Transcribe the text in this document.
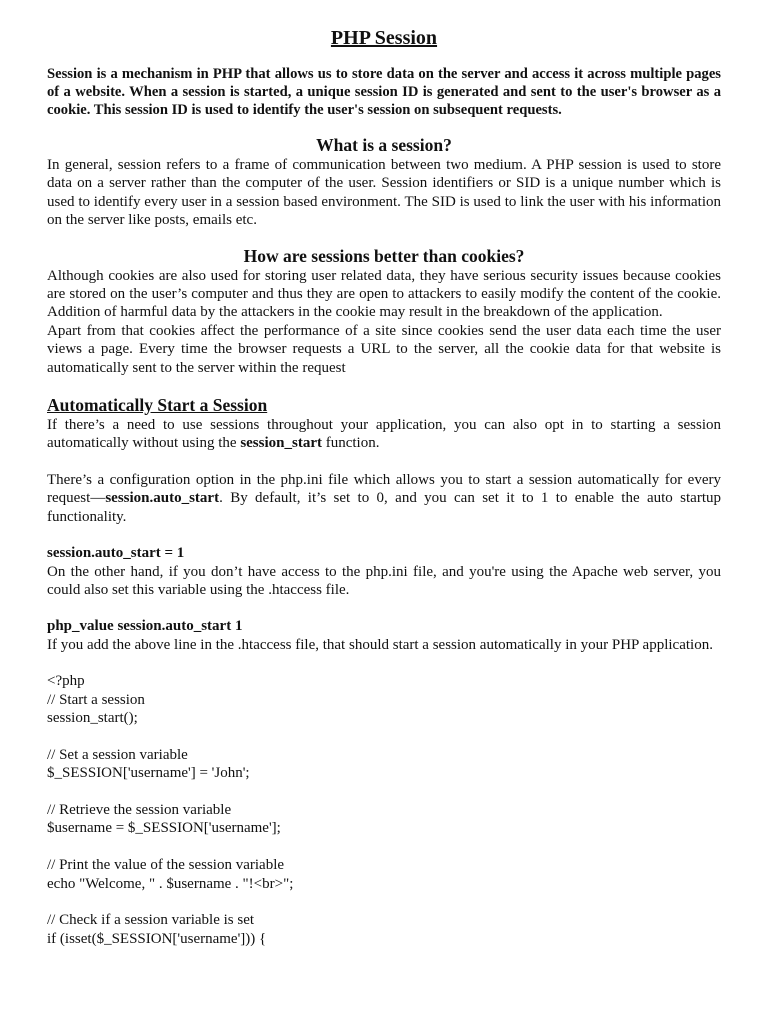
PHP Session

Session is a mechanism in PHP that allows us to store data on the server and access it across multiple pages of a website. When a session is started, a unique session ID is generated and sent to the user's browser as a cookie. This session ID is used to identify the user's session on subsequent requests.

What is a session?

In general, session refers to a frame of communication between two medium. A PHP session is used to store data on a server rather than the computer of the user. Session identifiers or SID is a unique number which is used to identify every user in a session based environment. The SID is used to link the user with his information on the server like posts, emails etc.

How are sessions better than cookies?

Although cookies are also used for storing user related data, they have serious security issues because cookies are stored on the user’s computer and thus they are open to attackers to easily modify the content of the cookie. Addition of harmful data by the attackers in the cookie may result in the breakdown of the application.

Apart from that cookies affect the performance of a site since cookies send the user data each time the user views a page. Every time the browser requests a URL to the server, all the cookie data for that website is automatically sent to the server within the request

Automatically Start a Session

If there’s a need to use sessions throughout your application, you can also opt in to starting a session automatically without using the session_start function.

There’s a configuration option in the php.ini file which allows you to start a session automatically for every request—session.auto_start. By default, it’s set to 0, and you can set it to 1 to enable the auto startup functionality.

session.auto_start = 1

On the other hand, if you don’t have access to the php.ini file, and you're using the Apache web server, you could also set this variable using the .htaccess file.

php_value session.auto_start 1

If you add the above line in the .htaccess file, that should start a session automatically in your PHP application.

<?php

// Start a session

session_start();

// Set a session variable

$_SESSION['username'] = 'John';

// Retrieve the session variable

$username = $_SESSION['username'];

// Print the value of the session variable

echo "Welcome, " . $username . "!<br>";

// Check if a session variable is set

if (isset($_SESSION['username'])) {
